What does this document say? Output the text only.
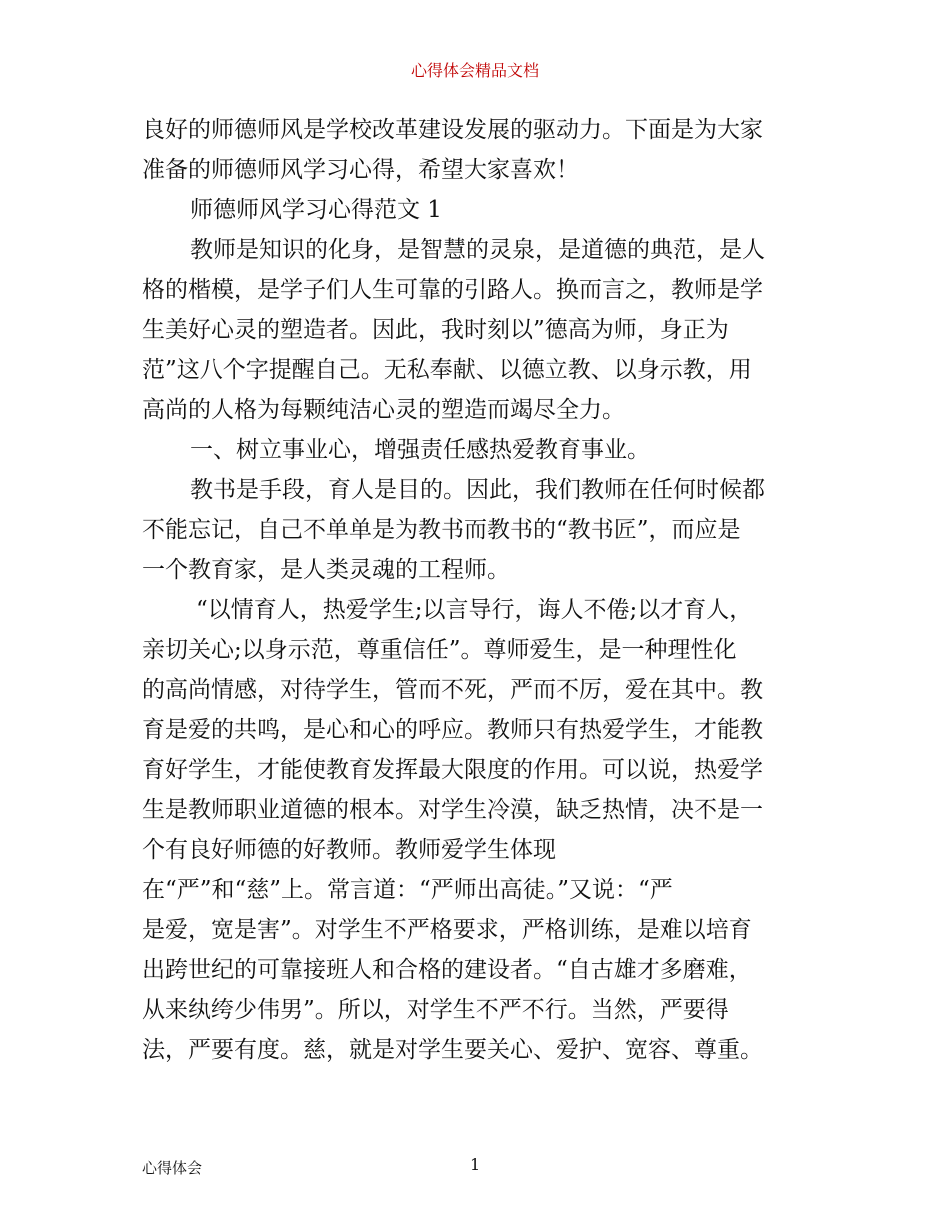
心得体会精品文档
良好的师德师风是学校改革建设发展的驱动力。下面是为大家
准备的师德师风学习心得，希望大家喜欢！
师德师风学习心得范文 1
教师是知识的化身，是智慧的灵泉，是道德的典范，是人
格的楷模，是学子们人生可靠的引路人。换而言之，教师是学
生美好心灵的塑造者。因此，我时刻以”德高为师，身正为
范”这八个字提醒自己。无私奉献、以德立教、以身示教，用
高尚的人格为每颗纯洁心灵的塑造而竭尽全力。
一、树立事业心，增强责任感热爱教育事业。
教书是手段，育人是目的。因此，我们教师在任何时候都
不能忘记，自己不单单是为教书而教书的“教书匠”，而应是
一个教育家，是人类灵魂的工程师。
“以情育人，热爱学生;以言导行，诲人不倦;以才育人，
亲切关心;以身示范，尊重信任”。尊师爱生，是一种理性化
的高尚情感，对待学生，管而不死，严而不厉，爱在其中。教
育是爱的共鸣，是心和心的呼应。教师只有热爱学生，才能教
育好学生，才能使教育发挥最大限度的作用。可以说，热爱学
生是教师职业道德的根本。对学生冷漠，缺乏热情，决不是一
个有良好师德的好教师。教师爱学生体现
在“严”和“慈”上。常言道：“严师出高徒。”又说：“严
是爱，宽是害”。对学生不严格要求，严格训练，是难以培育
出跨世纪的可靠接班人和合格的建设者。“自古雄才多磨难，
从来纨绔少伟男”。所以，对学生不严不行。当然，严要得
法，严要有度。慈，就是对学生要关心、爱护、宽容、尊重。
心得体会	1
